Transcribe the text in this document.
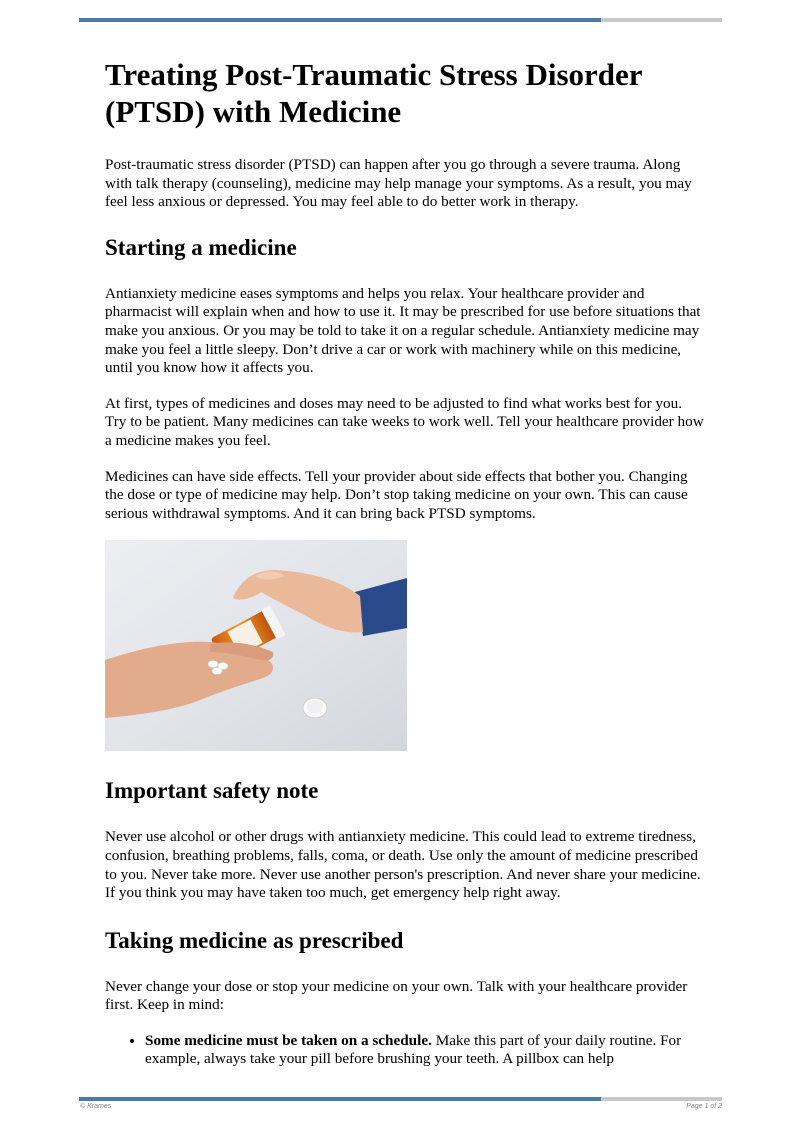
Treating Post-Traumatic Stress Disorder (PTSD) with Medicine

Post-traumatic stress disorder (PTSD) can happen after you go through a severe trauma. Along with talk therapy (counseling), medicine may help manage your symptoms. As a result, you may feel less anxious or depressed. You may feel able to do better work in therapy.

Starting a medicine

Antianxiety medicine eases symptoms and helps you relax. Your healthcare provider and pharmacist will explain when and how to use it. It may be prescribed for use before situations that make you anxious. Or you may be told to take it on a regular schedule. Antianxiety medicine may make you feel a little sleepy. Don’t drive a car or work with machinery while on this medicine, until you know how it affects you.

At first, types of medicines and doses may need to be adjusted to find what works best for you. Try to be patient. Many medicines can take weeks to work well. Tell your healthcare provider how a medicine makes you feel.

Medicines can have side effects. Tell your provider about side effects that bother you. Changing the dose or type of medicine may help. Don’t stop taking medicine on your own. This can cause serious withdrawal symptoms. And it can bring back PTSD symptoms.

Important safety note

Never use alcohol or other drugs with antianxiety medicine. This could lead to extreme tiredness, confusion, breathing problems, falls, coma, or death. Use only the amount of medicine prescribed to you. Never take more. Never use another person's prescription. And never share your medicine. If you think you may have taken too much, get emergency help right away.

Taking medicine as prescribed

Never change your dose or stop your medicine on your own. Talk with your healthcare provider first. Keep in mind:

• Some medicine must be taken on a schedule. Make this part of your daily routine. For example, always take your pill before brushing your teeth. A pillbox can help
© Krames	Page 1 of 2
